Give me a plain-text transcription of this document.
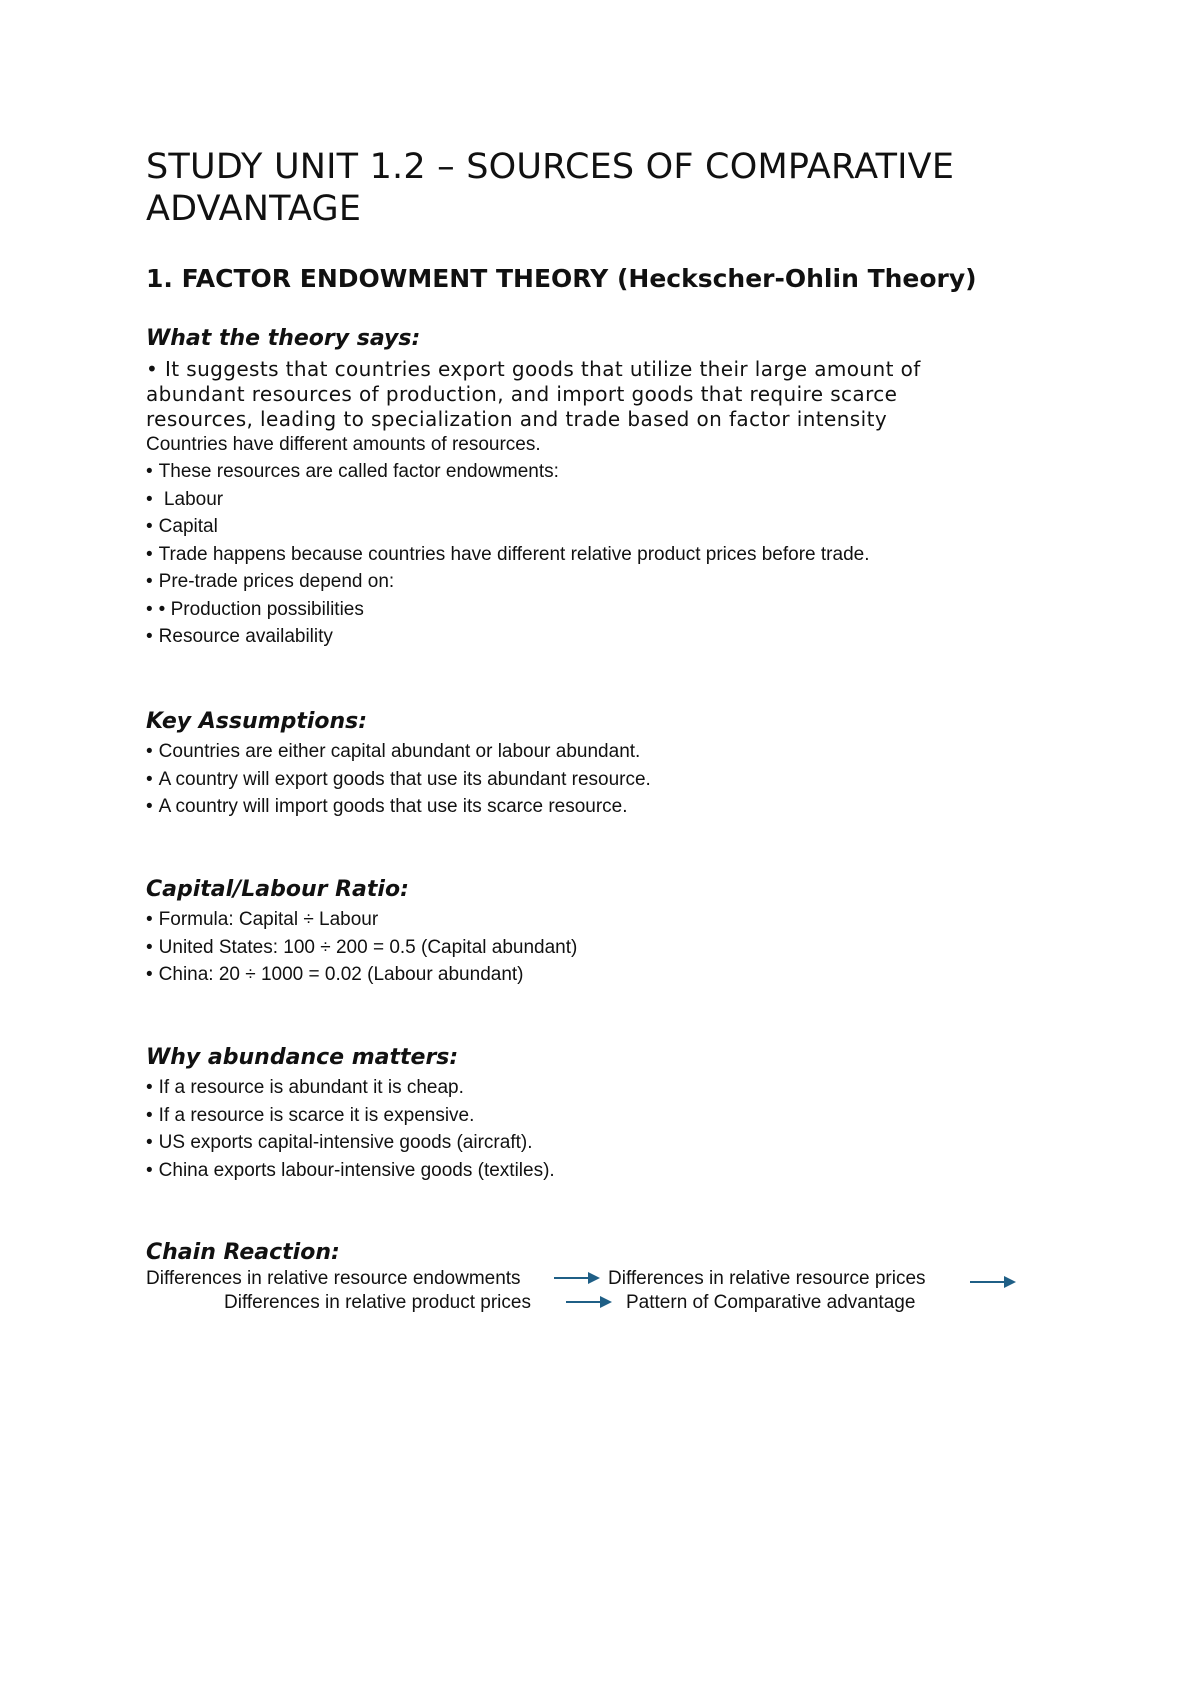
STUDY UNIT 1.2 – SOURCES OF COMPARATIVE ADVANTAGE
1. FACTOR ENDOWMENT THEORY (Heckscher-Ohlin Theory)
What the theory says:
• It suggests that countries export goods that utilize their large amount of abundant resources of production, and import goods that require scarce resources, leading to specialization and trade based on factor intensity
Countries have different amounts of resources.
• These resources are called factor endowments:
• Labour
• Capital
• Trade happens because countries have different relative product prices before trade.
• Pre-trade prices depend on:
• • Production possibilities
• Resource availability
Key Assumptions:
• Countries are either capital abundant or labour abundant.
• A country will export goods that use its abundant resource.
• A country will import goods that use its scarce resource.
Capital/Labour Ratio:
• Formula: Capital ÷ Labour
• United States: 100 ÷ 200 = 0.5 (Capital abundant)
• China: 20 ÷ 1000 = 0.02 (Labour abundant)
Why abundance matters:
• If a resource is abundant it is cheap.
• If a resource is scarce it is expensive.
• US exports capital-intensive goods (aircraft).
• China exports labour-intensive goods (textiles).
Chain Reaction:
Differences in relative resource endowments	Differences in relative resource prices
Differences in relative product prices	Pattern of Comparative advantage
